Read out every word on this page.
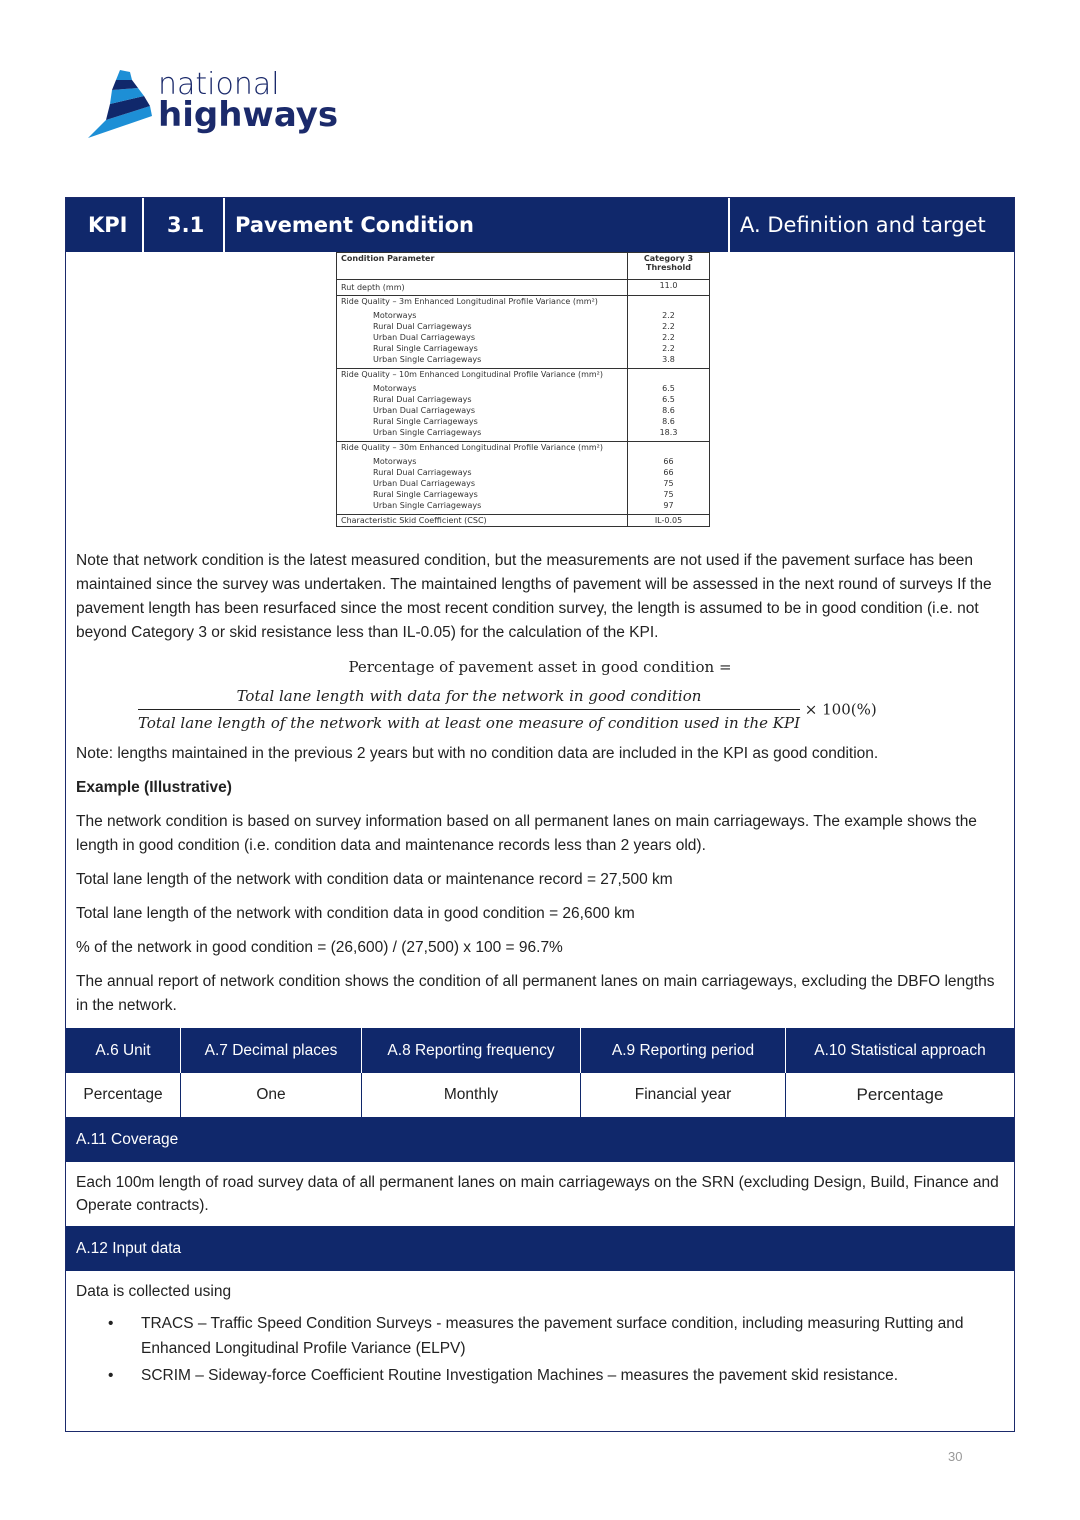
national
highways
KPI	3.1	Pavement Condition	A. Definition and target
Condition Parameter	Category 3 Threshold
Rut depth (mm)	11.0
Ride Quality – 3m Enhanced Longitudinal Profile Variance (mm²)	
Motorways	2.2
Rural Dual Carriageways	2.2
Urban Dual Carriageways	2.2
Rural Single Carriageways	2.2
Urban Single Carriageways	3.8
Ride Quality – 10m Enhanced Longitudinal Profile Variance (mm²)	
Motorways	6.5
Rural Dual Carriageways	6.5
Urban Dual Carriageways	8.6
Rural Single Carriageways	8.6
Urban Single Carriageways	18.3
Ride Quality – 30m Enhanced Longitudinal Profile Variance (mm²)	
Motorways	66
Rural Dual Carriageways	66
Urban Dual Carriageways	75
Rural Single Carriageways	75
Urban Single Carriageways	97
Characteristic Skid Coefficient (CSC)	IL-0.05

Note that network condition is the latest measured condition, but the measurements are not used if the pavement surface has been maintained since the survey was undertaken. The maintained lengths of pavement will be assessed in the next round of surveys If the pavement length has been resurfaced since the most recent condition survey, the length is assumed to be in good condition (i.e. not beyond Category 3 or skid resistance less than IL-0.05) for the calculation of the KPI.

Percentage of pavement asset in good condition =
Total lane length with data for the network in good condition
Total lane length of the network with at least one measure of condition used in the KPI
× 100(%)

Note: lengths maintained in the previous 2 years but with no condition data are included in the KPI as good condition.

Example (Illustrative)

The network condition is based on survey information based on all permanent lanes on main carriageways. The example shows the length in good condition (i.e. condition data and maintenance records less than 2 years old).

Total lane length of the network with condition data or maintenance record = 27,500 km

Total lane length of the network with condition data in good condition = 26,600 km

% of the network in good condition = (26,600) / (27,500) x 100 = 96.7%

The annual report of network condition shows the condition of all permanent lanes on main carriageways, excluding the DBFO lengths in the network.

A.6 Unit	A.7 Decimal places	A.8 Reporting frequency	A.9 Reporting period	A.10 Statistical approach
Percentage	One	Monthly	Financial year	Percentage
A.11 Coverage
Each 100m length of road survey data of all permanent lanes on main carriageways on the SRN (excluding Design, Build, Finance and Operate contracts).
A.12 Input data
Data is collected using
• TRACS – Traffic Speed Condition Surveys - measures the pavement surface condition, including measuring Rutting and Enhanced Longitudinal Profile Variance (ELPV)
• SCRIM – Sideway-force Coefficient Routine Investigation Machines – measures the pavement skid resistance.
30
